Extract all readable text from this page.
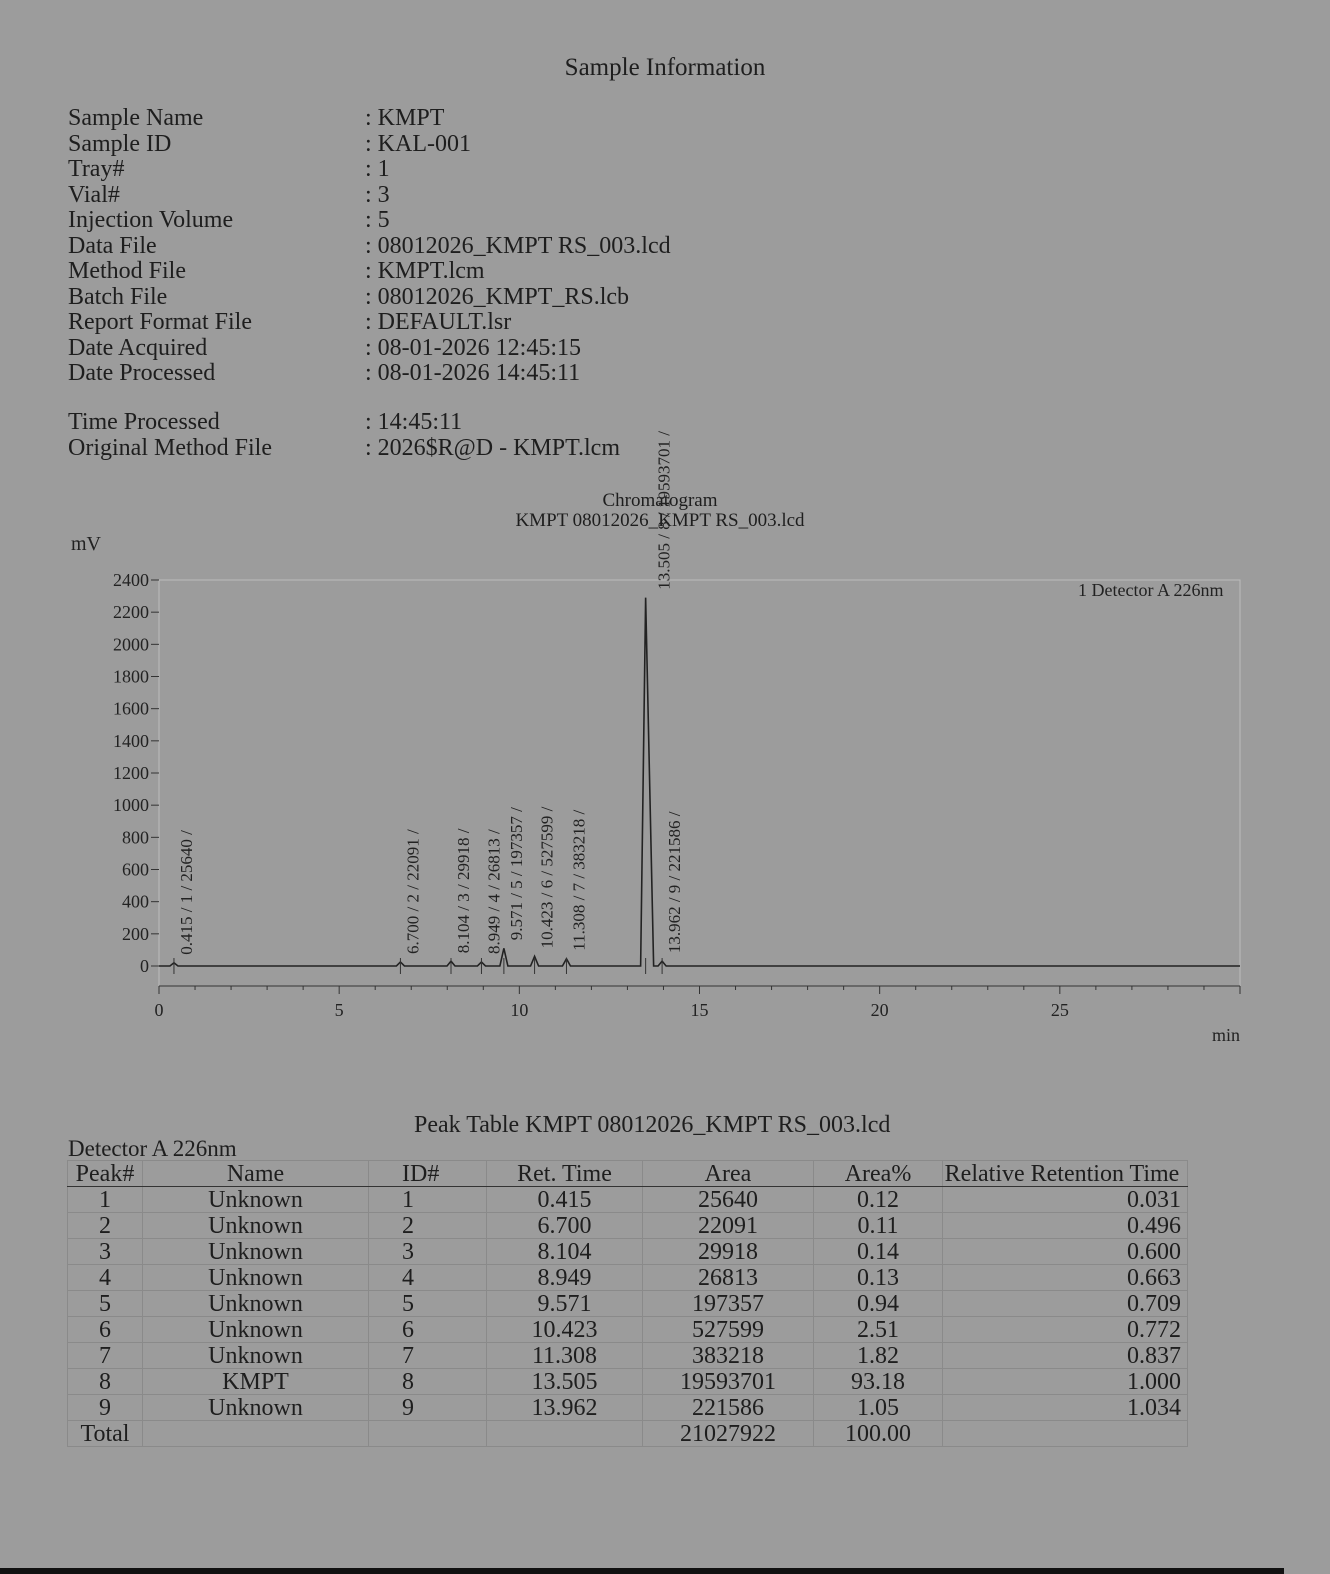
Sample Information
Sample Name	: KMPT
Sample ID	: KAL-001
Tray#	: 1
Vial#	: 3
Injection Volume	: 5
Data File	: 08012026_KMPT RS_003.lcd
Method File	: KMPT.lcm
Batch File	: 08012026_KMPT_RS.lcb
Report Format File	: DEFAULT.lsr
Date Acquired	: 08-01-2026 12:45:15
Date Processed	: 08-01-2026 14:45:11
Time Processed	: 14:45:11
Original Method File	: 2026$R@D - KMPT.lcm
Chromatogram
KMPT 08012026_KMPT RS_003.lcd
mV
0
200
400
600
800
1000
1200
1400
1600
1800
2000
2200
2400
0	5	10	15	20	25
min
1 Detector A 226nm
0.415 / 1 / 25640 /	6.700 / 2 / 22091 / 8.104 / 3 / 29918 / 8.949 / 4 / 26813 / 9.571 / 5 / 197357 / 10.423 / 6 / 527599 / 11.308 / 7 / 383218 /
13.505 / 8 / 19593701 /
13.962 / 9 / 221586 /
Peak Table KMPT 08012026_KMPT RS_003.lcd
Detector A 226nm
Peak#	Name	ID#	Ret. Time	Area	Area%	Relative Retention Time
1	Unknown	1	0.415	25640	0.12	0.031
2	Unknown	2	6.700	22091	0.11	0.496
3	Unknown	3	8.104	29918	0.14	0.600
4	Unknown	4	8.949	26813	0.13	0.663
5	Unknown	5	9.571	197357	0.94	0.709
6	Unknown	6	10.423	527599	2.51	0.772
7	Unknown	7	11.308	383218	1.82	0.837
8	KMPT	8	13.505	19593701	93.18	1.000
9	Unknown	9	13.962	221586	1.05	1.034
Total				21027922	100.00	
